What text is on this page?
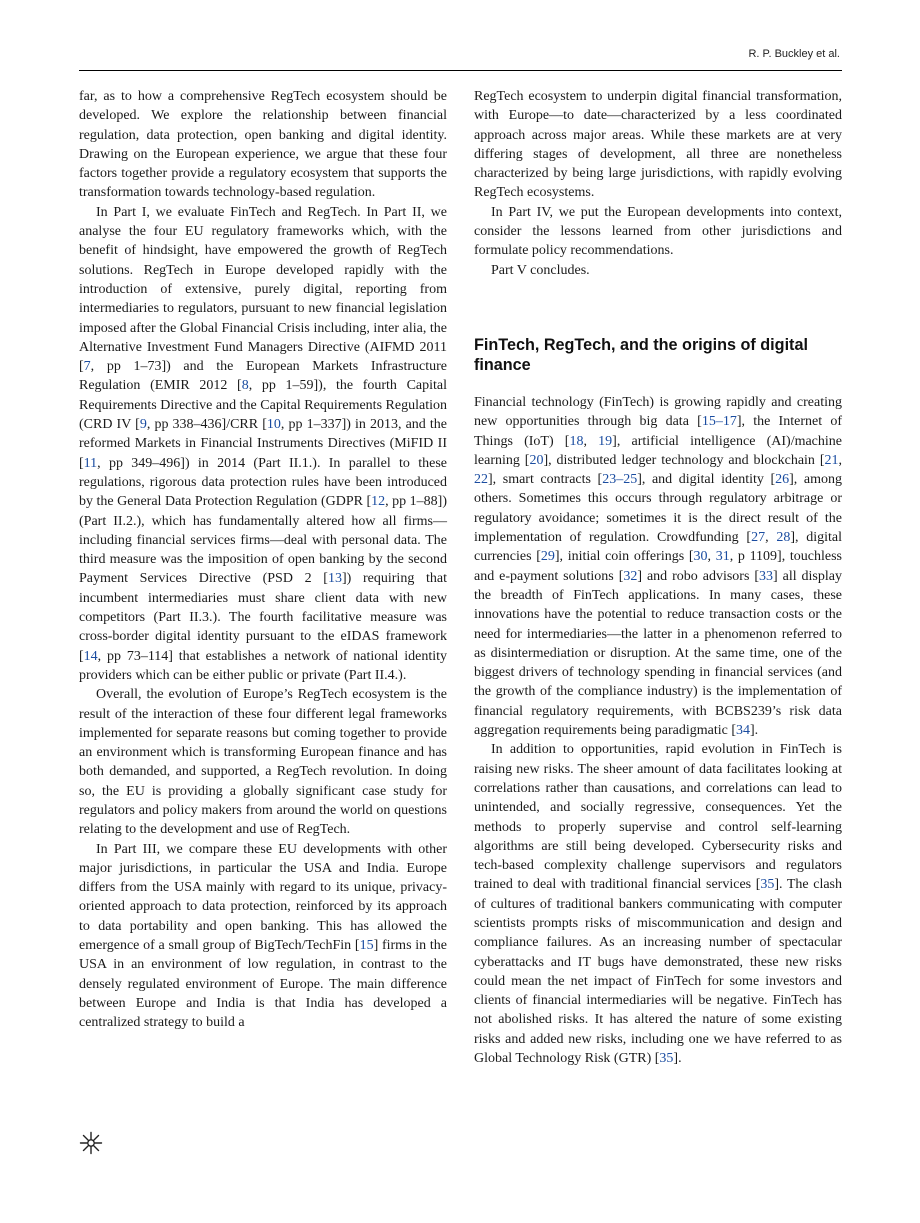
R. P. Buckley et al.

far, as to how a comprehensive RegTech ecosystem should be developed. We explore the relationship between financial regulation, data protection, open banking and digital identity. Drawing on the European experience, we argue that these four factors together provide a regulatory ecosystem that supports the transformation towards technology-based regulation.

In Part I, we evaluate FinTech and RegTech. In Part II, we analyse the four EU regulatory frameworks which, with the benefit of hindsight, have empowered the growth of RegTech solutions. RegTech in Europe developed rapidly with the introduction of extensive, purely digital, reporting from intermediaries to regulators, pursuant to new financial legislation imposed after the Global Financial Crisis including, inter alia, the Alternative Investment Fund Managers Directive (AIFMD 2011 [7, pp 1–73]) and the European Markets Infrastructure Regulation (EMIR 2012 [8, pp 1–59]), the fourth Capital Requirements Directive and the Capital Requirements Regulation (CRD IV [9, pp 338–436]/CRR [10, pp 1–337]) in 2013, and the reformed Markets in Financial Instruments Directives (MiFID II [11, pp 349–496]) in 2014 (Part II.1.). In parallel to these regulations, rigorous data protection rules have been introduced by the General Data Protection Regulation (GDPR [12, pp 1–88]) (Part II.2.), which has fundamentally altered how all firms—including financial services firms—deal with personal data. The third measure was the imposition of open banking by the second Payment Services Directive (PSD 2 [13]) requiring that incumbent intermediaries must share client data with new competitors (Part II.3.). The fourth facilitative measure was cross-border digital identity pursuant to the eIDAS framework [14, pp 73–114] that establishes a network of national identity providers which can be either public or private (Part II.4.).

Overall, the evolution of Europe’s RegTech ecosystem is the result of the interaction of these four different legal frameworks implemented for separate reasons but coming together to provide an environment which is transforming European finance and has both demanded, and supported, a RegTech revolution. In doing so, the EU is providing a globally significant case study for regulators and policy makers from around the world on questions relating to the development and use of RegTech.

In Part III, we compare these EU developments with other major jurisdictions, in particular the USA and India. Europe differs from the USA mainly with regard to its unique, privacy-oriented approach to data protection, reinforced by its approach to data portability and open banking. This has allowed the emergence of a small group of BigTech/TechFin [15] firms in the USA in an environment of low regulation, in contrast to the densely regulated environment of Europe. The main difference between Europe and India is that India has developed a centralized strategy to build a

RegTech ecosystem to underpin digital financial transformation, with Europe—to date—characterized by a less coordinated approach across major areas. While these markets are at very differing stages of development, all three are nonetheless characterized by being large jurisdictions, with rapidly evolving RegTech ecosystems.

In Part IV, we put the European developments into context, consider the lessons learned from other jurisdictions and formulate policy recommendations.

Part V concludes.

FinTech, RegTech, and the origins of digital finance

Financial technology (FinTech) is growing rapidly and creating new opportunities through big data [15–17], the Internet of Things (IoT) [18, 19], artificial intelligence (AI)/machine learning [20], distributed ledger technology and blockchain [21, 22], smart contracts [23–25], and digital identity [26], among others. Sometimes this occurs through regulatory arbitrage or regulatory avoidance; sometimes it is the direct result of the implementation of regulation. Crowdfunding [27, 28], digital currencies [29], initial coin offerings [30, 31, p 1109], touchless and e-payment solutions [32] and robo advisors [33] all display the breadth of FinTech applications. In many cases, these innovations have the potential to reduce transaction costs or the need for intermediaries—the latter in a phenomenon referred to as disintermediation or disruption. At the same time, one of the biggest drivers of technology spending in financial services (and the growth of the compliance industry) is the implementation of financial regulatory requirements, with BCBS239’s risk data aggregation requirements being paradigmatic [34].

In addition to opportunities, rapid evolution in FinTech is raising new risks. The sheer amount of data facilitates looking at correlations rather than causations, and correlations can lead to unintended, and socially regressive, consequences. Yet the methods to properly supervise and control self-learning algorithms are still being developed. Cybersecurity risks and tech-based complexity challenge supervisors and regulators trained to deal with traditional financial services [35]. The clash of cultures of traditional bankers communicating with computer scientists prompts risks of miscommunication and design and compliance failures. As an increasing number of spectacular cyberattacks and IT bugs have demonstrated, these new risks could mean the net impact of FinTech for some investors and clients of financial intermediaries will be negative. FinTech has not abolished risks. It has altered the nature of some existing risks and added new risks, including one we have referred to as Global Technology Risk (GTR) [35].
